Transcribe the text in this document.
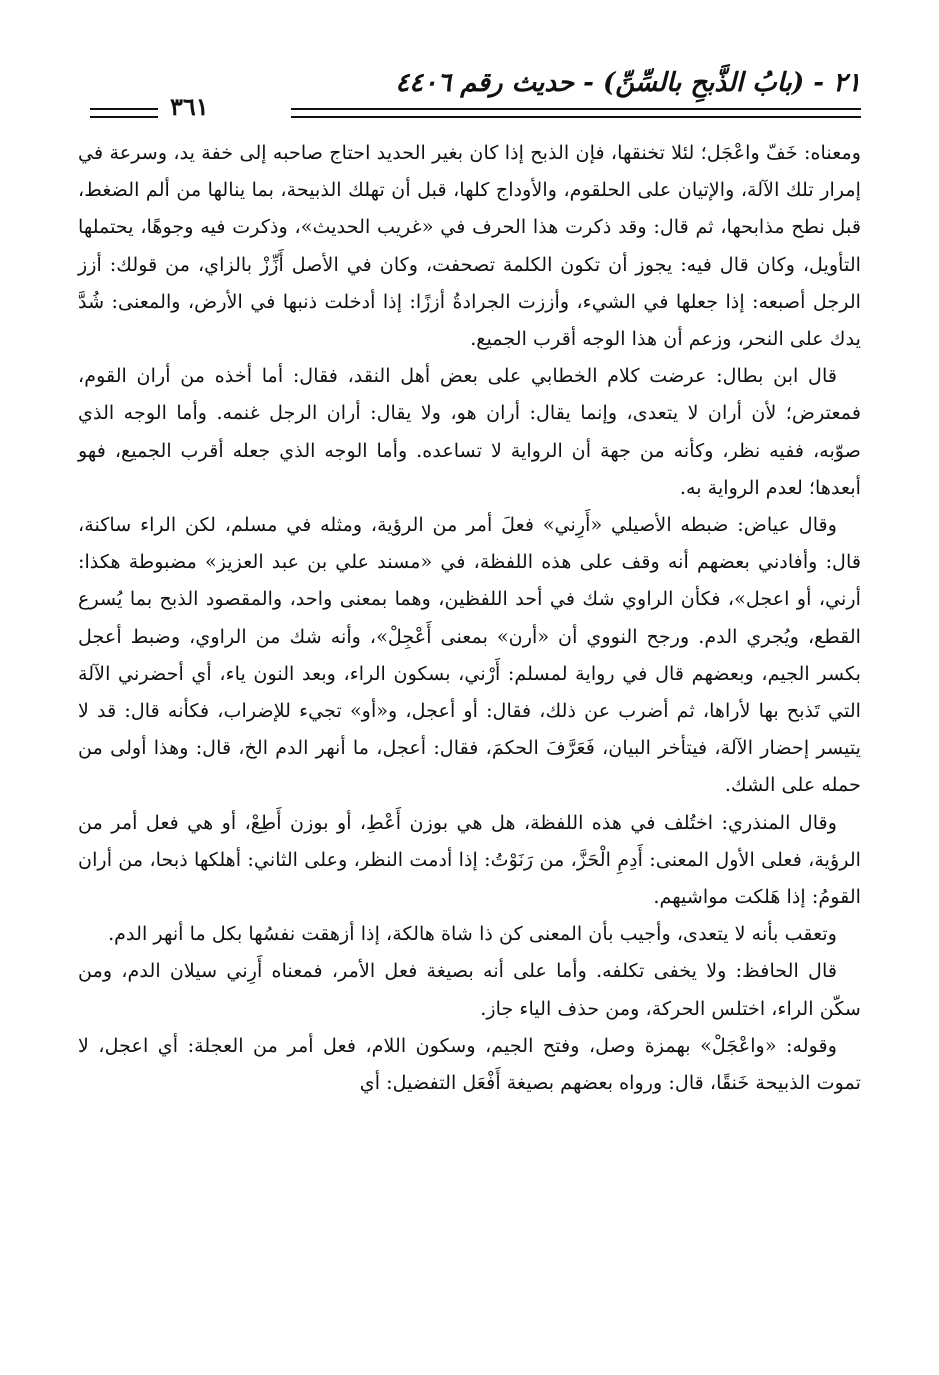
٢١ - (بابُ الذَّبحِ بالسِّنِّ) - حديث رقم ٤٤٠٦
٣٦١

ومعناه: خَفّ واعْجَل؛ لئلا تخنقها، فإن الذبح إذا كان بغير الحديد احتاج صاحبه إلى خفة يد، وسرعة في إمرار تلك الآلة، والإتيان على الحلقوم، والأوداج كلها، قبل أن تهلك الذبيحة، بما ينالها من ألم الضغط، قبل نطح مذابحها، ثم قال: وقد ذكرت هذا الحرف في «غريب الحديث»، وذكرت فيه وجوهًا، يحتملها التأويل، وكان قال فيه: يجوز أن تكون الكلمة تصحفت، وكان في الأصل أَزِّزْ بالزاي، من قولك: أزز الرجل أصبعه: إذا جعلها في الشيء، وأززت الجرادةُ أززًا: إذا أدخلت ذنبها في الأرض، والمعنى: شُدَّ يدك على النحر، وزعم أن هذا الوجه أقرب الجميع.

قال ابن بطال: عرضت كلام الخطابي على بعض أهل النقد، فقال: أما أخذه من أران القوم، فمعترض؛ لأن أران لا يتعدى، وإنما يقال: أران هو، ولا يقال: أران الرجل غنمه. وأما الوجه الذي صوّبه، ففيه نظر، وكأنه من جهة أن الرواية لا تساعده. وأما الوجه الذي جعله أقرب الجميع، فهو أبعدها؛ لعدم الرواية به.

وقال عياض: ضبطه الأصيلي «أَرِني» فعلَ أمر من الرؤية، ومثله في مسلم، لكن الراء ساكنة، قال: وأفادني بعضهم أنه وقف على هذه اللفظة، في «مسند علي بن عبد العزيز» مضبوطة هكذا: أرني، أو اعجل»، فكأن الراوي شك في أحد اللفظين، وهما بمعنى واحد، والمقصود الذبح بما يُسرع القطع، ويُجري الدم. ورجح النووي أن «أرن» بمعنى أَعْجِلْ»، وأنه شك من الراوي، وضبط أعجل بكسر الجيم، وبعضهم قال في رواية لمسلم: أَرْني، بسكون الراء، وبعد النون ياء، أي أحضرني الآلة التي تَذبح بها لأراها، ثم أضرب عن ذلك، فقال: أو أعجل، و«أو» تجيء للإضراب، فكأنه قال: قد لا يتيسر إحضار الآلة، فيتأخر البيان، فَعَرَّفَ الحكمَ، فقال: أعجل، ما أنهر الدم الخ، قال: وهذا أولى من حمله على الشك.

وقال المنذري: اختُلف في هذه اللفظة، هل هي بوزن أَعْطِ، أو بوزن أَطِعْ، أو هي فعل أمر من الرؤية، فعلى الأول المعنى: أَدِمِ الْحَزَّ، من رَنَوْتُ: إذا أدمت النظر، وعلى الثاني: أهلكها ذبحا، من أران القومُ: إذا هَلكت مواشيهم.

وتعقب بأنه لا يتعدى، وأجيب بأن المعنى كن ذا شاة هالكة، إذا أزهقت نفسُها بكل ما أنهر الدم.

قال الحافظ: ولا يخفى تكلفه. وأما على أنه بصيغة فعل الأمر، فمعناه أَرِني سيلان الدم، ومن سكّن الراء، اختلس الحركة، ومن حذف الياء جاز.

وقوله: «واعْجَلْ» بهمزة وصل، وفتح الجيم، وسكون اللام، فعل أمر من العجلة: أي اعجل، لا تموت الذبيحة خَنقًا، قال: ورواه بعضهم بصيغة أَفْعَل التفضيل: أي
